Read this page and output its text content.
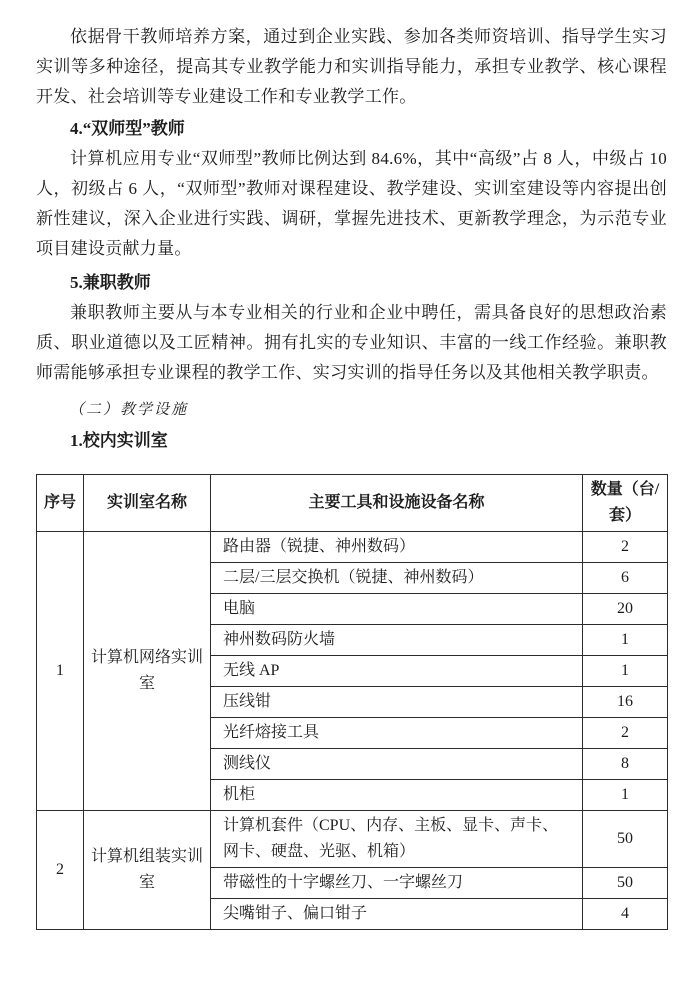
依据骨干教师培养方案，通过到企业实践、参加各类师资培训、指导学生实习实训等多种途径，提高其专业教学能力和实训指导能力，承担专业教学、核心课程开发、社会培训等专业建设工作和专业教学工作。

4.“双师型”教师

计算机应用专业“双师型”教师比例达到 84.6%，其中“高级”占 8 人，中级占 10 人，初级占 6 人，“双师型”教师对课程建设、教学建设、实训室建设等内容提出创新性建议，深入企业进行实践、调研，掌握先进技术、更新教学理念，为示范专业项目建设贡献力量。

5.兼职教师

兼职教师主要从与本专业相关的行业和企业中聘任，需具备良好的思想政治素质、职业道德以及工匠精神。拥有扎实的专业知识、丰富的一线工作经验。兼职教师需能够承担专业课程的教学工作、实习实训的指导任务以及其他相关教学职责。

（二）教学设施

1.校内实训室

序号	实训室名称	主要工具和设施设备名称	数量（台/套）
1	计算机网络实训室	路由器（锐捷、神州数码）	2
		二层/三层交换机（锐捷、神州数码）	6
		电脑	20
		神州数码防火墙	1
		无线 AP	1
		压线钳	16
		光纤熔接工具	2
		测线仪	8
		机柜	1
2	计算机组装实训室	计算机套件（CPU、内存、主板、显卡、声卡、网卡、硬盘、光驱、机箱）	50
		带磁性的十字螺丝刀、一字螺丝刀	50
		尖嘴钳子、偏口钳子	4
